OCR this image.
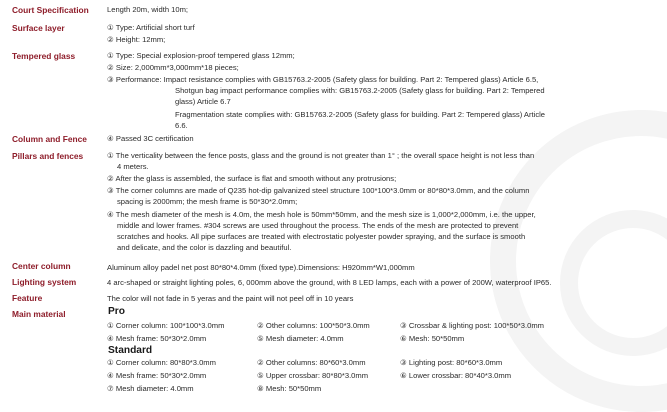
Court Specification Length 20m, width 10m;
Surface layer	① Type: Artificial short turf
② Height: 12mm;
Tempered glass	① Type: Special explosion-proof tempered glass 12mm;
② Size: 2,000mm*3,000mm*18 pieces;
③ Performance: Impact resistance complies with GB15763.2-2005 (Safety glass for building. Part 2: Tempered glass) Article 6.5,
Shotgun bag impact performance complies with: GB15763.2-2005 (Safety glass for building. Part 2: Tempered
glass) Article 6.7
Fragmentation state complies with: GB15763.2-2005 (Safety glass for building. Part 2: Tempered glass) Article
6.6.
Column and Fence	④ Passed 3C certification
Pillars and fences	① The verticality between the fence posts, glass and the ground is not greater than 1° ; the overall space height is not less than
4 meters.
② After the glass is assembled, the surface is flat and smooth without any protrusions;
③ The corner columns are made of Q235 hot-dip galvanized steel structure 100*100*3.0mm or 80*80*3.0mm, and the column
spacing is 2000mm; the mesh frame is 50*30*2.0mm;
④ The mesh diameter of the mesh is 4.0m, the mesh hole is 50mm*50mm, and the mesh size is 1,000*2,000mm, i.e. the upper,
middle and lower frames. #304 screws are used throughout the process. The ends of the mesh are protected to prevent
scratches and hooks. All pipe surfaces are treated with electrostatic polyester powder spraying, and the surface is smooth
and delicate, and the color is dazzling and beautiful.
Center column	Aluminum alloy padel net post 80*80*4.0mm (fixed type).Dimensions: H920mm*W1,000mm
Lighting system	4 arc-shaped or straight lighting poles, 6, 000mm above the ground, with 8 LED lamps, each with a power of 200W, waterproof IP65.
Feature	The color will not fade in 5 yeras and the paint will not peel off in 10 years
Main material	Pro
① Corner column: 100*100*3.0mm	② Other columns: 100*50*3.0mm	③ Crossbar & lighting post: 100*50*3.0mm
④ Mesh frame: 50*30*2.0mm	⑤ Mesh diameter: 4.0mm	⑥ Mesh: 50*50mm
Standard
① Corner column: 80*80*3.0mm	② Other columns: 80*60*3.0mm	③ Lighting post: 80*60*3.0mm
④ Mesh frame: 50*30*2.0mm	⑤ Upper crossbar: 80*80*3.0mm	⑥ Lower crossbar: 80*40*3.0mm
⑦ Mesh diameter: 4.0mm	⑧ Mesh: 50*50mm
